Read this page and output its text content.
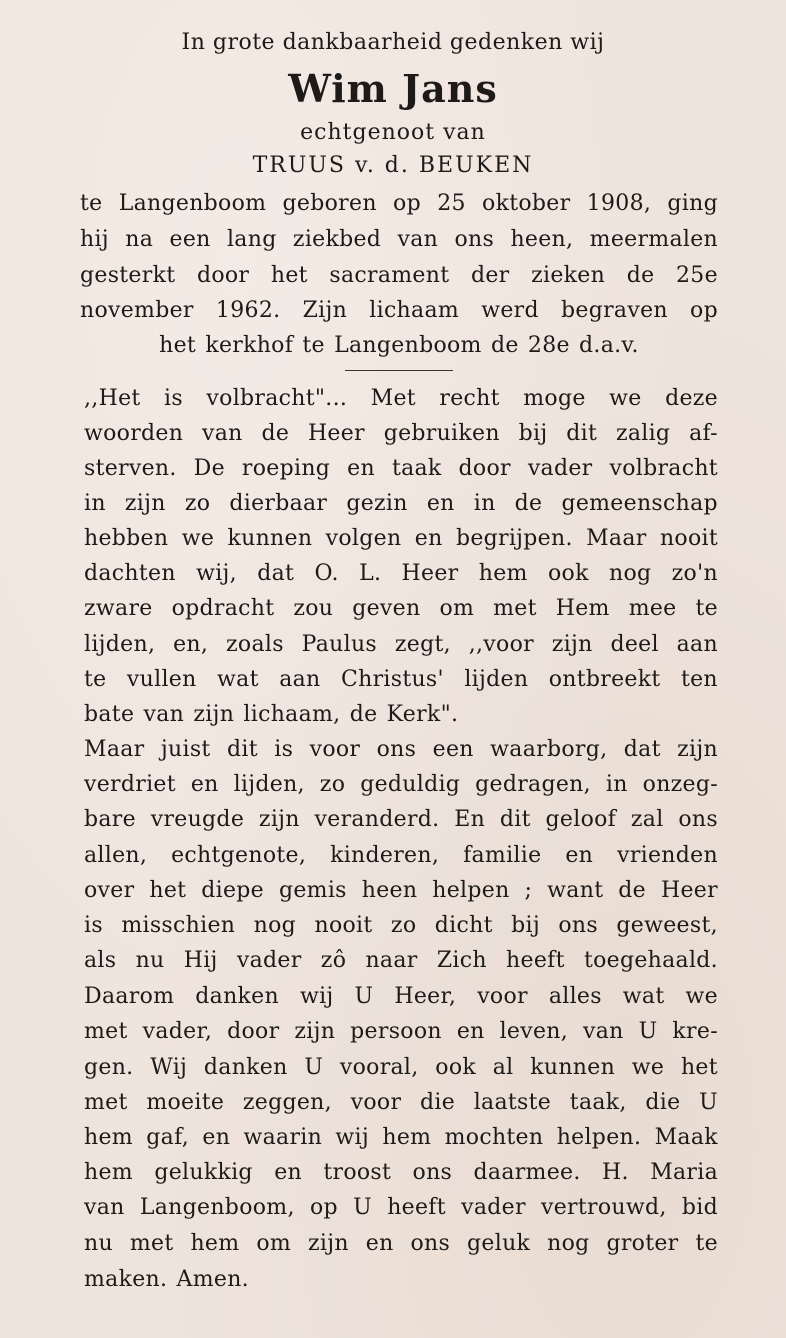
In grote dankbaarheid gedenken wij
Wim Jans
echtgenoot van
TRUUS v. d. BEUKEN
te Langenboom geboren op 25 oktober 1908, ging
hij na een lang ziekbed van ons heen, meermalen
gesterkt door het sacrament der zieken de 25e
november 1962. Zijn lichaam werd begraven op
het kerkhof te Langenboom de 28e d.a.v.
,,Het is volbracht"... Met recht moge we deze
woorden van de Heer gebruiken bij dit zalig af-
sterven. De roeping en taak door vader volbracht
in zijn zo dierbaar gezin en in de gemeenschap
hebben we kunnen volgen en begrijpen. Maar nooit
dachten wij, dat O. L. Heer hem ook nog zo'n
zware opdracht zou geven om met Hem mee te
lijden, en, zoals Paulus zegt, ,,voor zijn deel aan
te vullen wat aan Christus' lijden ontbreekt ten
bate van zijn lichaam, de Kerk".
Maar juist dit is voor ons een waarborg, dat zijn
verdriet en lijden, zo geduldig gedragen, in onzeg-
bare vreugde zijn veranderd. En dit geloof zal ons
allen, echtgenote, kinderen, familie en vrienden
over het diepe gemis heen helpen ; want de Heer
is misschien nog nooit zo dicht bij ons geweest,
als nu Hij vader zô naar Zich heeft toegehaald.
Daarom danken wij U Heer, voor alles wat we
met vader, door zijn persoon en leven, van U kre-
gen. Wij danken U vooral, ook al kunnen we het
met moeite zeggen, voor die laatste taak, die U
hem gaf, en waarin wij hem mochten helpen. Maak
hem gelukkig en troost ons daarmee. H. Maria
van Langenboom, op U heeft vader vertrouwd, bid
nu met hem om zijn en ons geluk nog groter te
maken. Amen.
